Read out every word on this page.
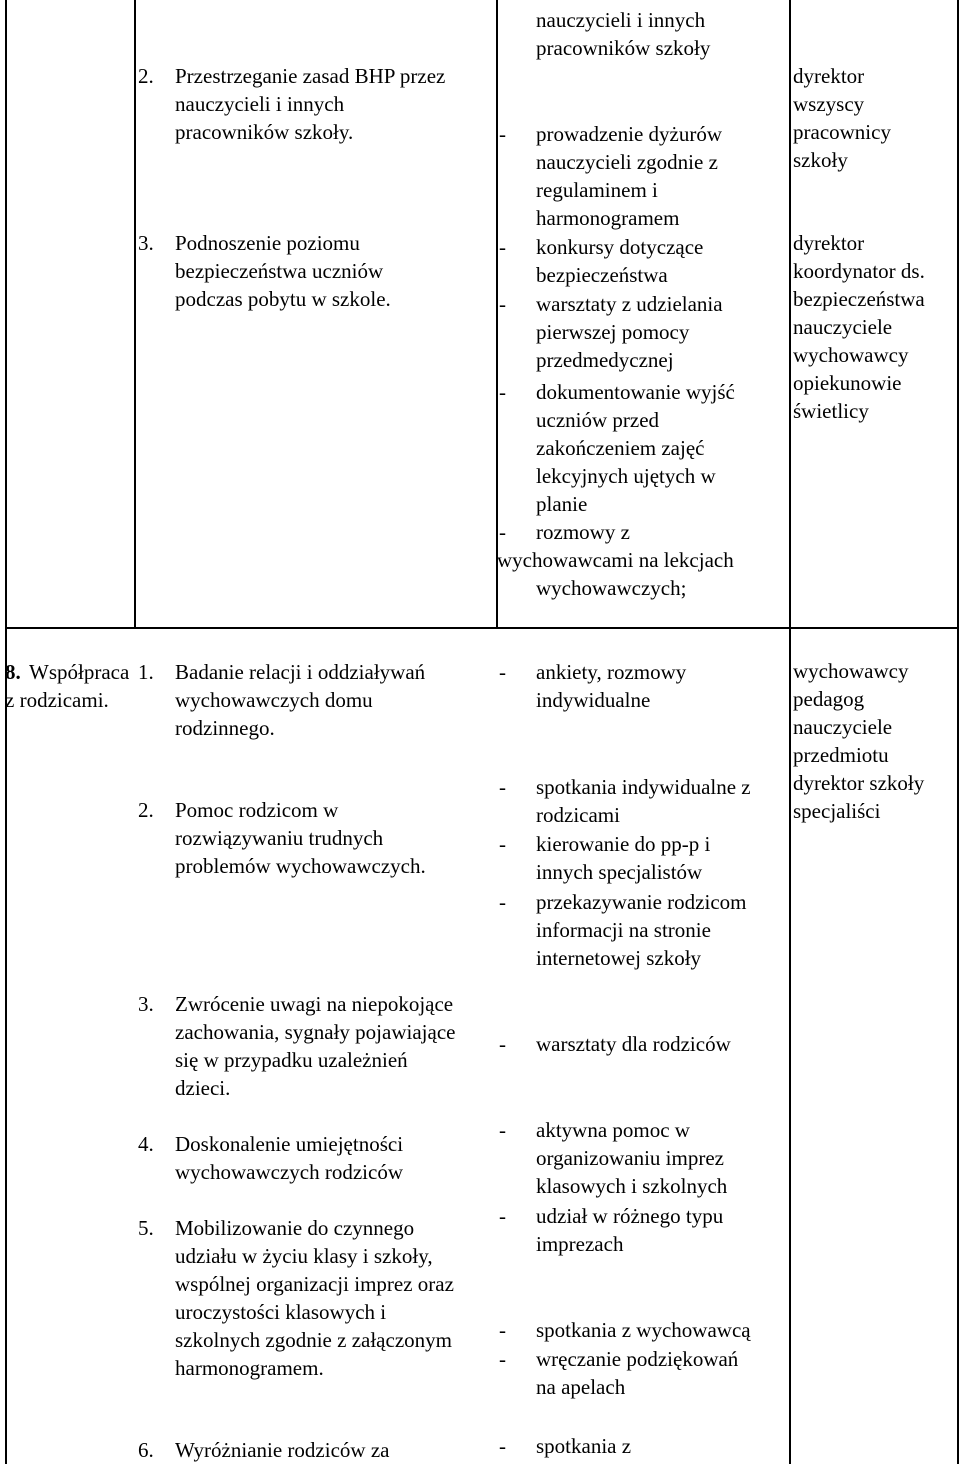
2. Przestrzeganie zasad BHP przez
nauczycieli i innych
pracowników szkoły.
3. Podnoszenie poziomu
bezpieczeństwa uczniów
podczas pobytu w szkole.
nauczycieli i innych
pracowników szkoły
- prowadzenie dyżurów
nauczycieli zgodnie z
regulaminem i
harmonogramem
- konkursy dotyczące
bezpieczeństwa
- warsztaty z udzielania
pierwszej pomocy
przedmedycznej
- dokumentowanie wyjść
uczniów przed
zakończeniem zajęć
lekcyjnych ujętych w
planie
- rozmowy z
wychowawcami na lekcjach
wychowawczych;
dyrektor
wszyscy
pracownicy
szkoły
dyrektor
koordynator ds.
bezpieczeństwa
nauczyciele
wychowawcy
opiekunowie
świetlicy
8. Współpraca
z rodzicami.
1. Badanie relacji i oddziaływań
wychowawczych domu
rodzinnego.
2. Pomoc rodzicom w
rozwiązywaniu trudnych
problemów wychowawczych.
3. Zwrócenie uwagi na niepokojące
zachowania, sygnały pojawiające
się w przypadku uzależnień
dzieci.
4. Doskonalenie umiejętności
wychowawczych rodziców
5. Mobilizowanie do czynnego
udziału w życiu klasy i szkoły,
wspólnej organizacji imprez oraz
uroczystości klasowych i
szkolnych zgodnie z załączonym
harmonogramem.
6. Wyróżnianie rodziców za
- ankiety, rozmowy
indywidualne
- spotkania indywidualne z
rodzicami
- kierowanie do pp-p i
innych specjalistów
- przekazywanie rodzicom
informacji na stronie
internetowej szkoły
- warsztaty dla rodziców
- aktywna pomoc w
organizowaniu imprez
klasowych i szkolnych
- udział w różnego typu
imprezach
- spotkania z wychowawcą
- wręczanie podziękowań
na apelach
- spotkania z
wychowawcy
pedagog
nauczyciele
przedmiotu
dyrektor szkoły
specjaliści
